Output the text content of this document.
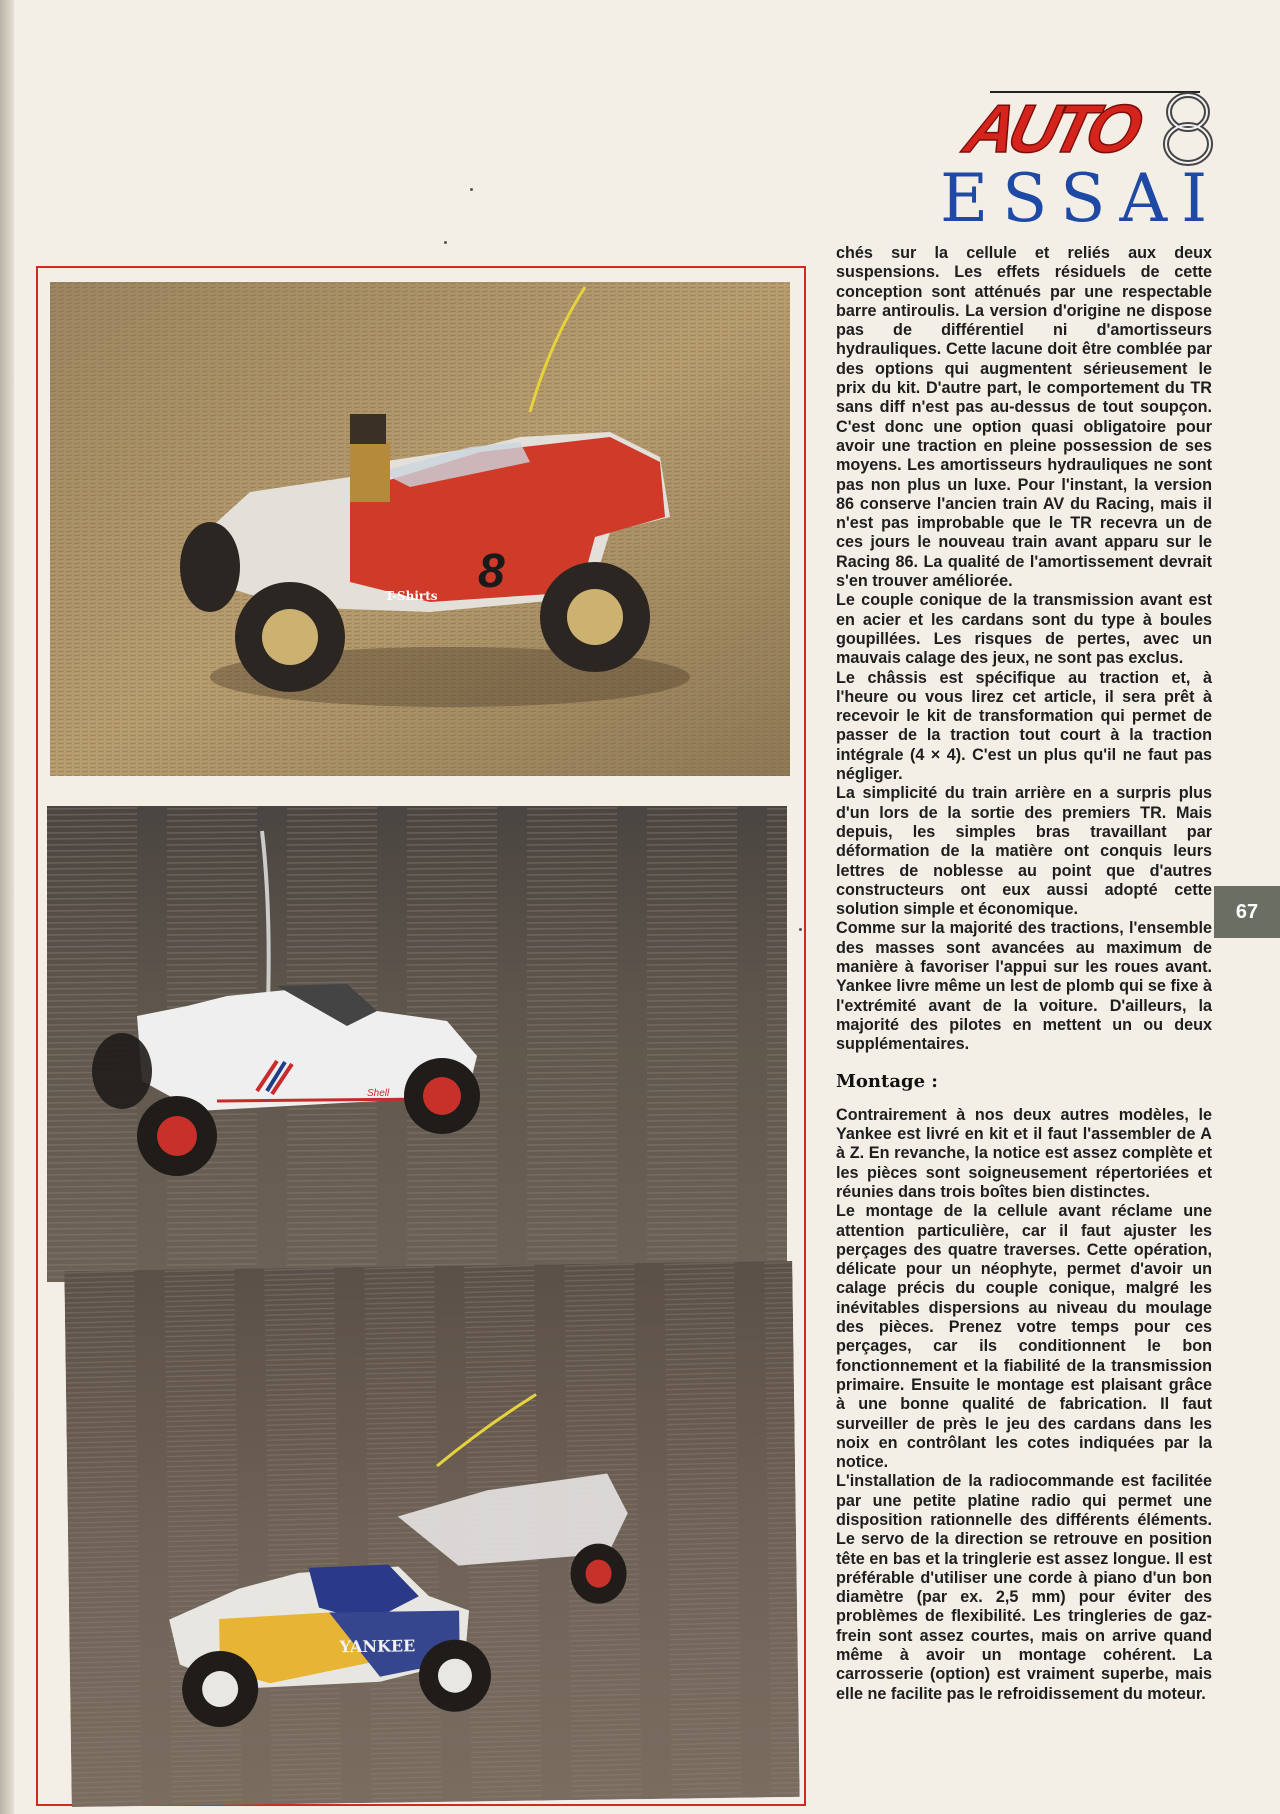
AUTO
AUTO8
ESSAI
8
T-Shirts
Shell
YANKEE

chés sur la cellule et reliés aux deux suspensions. Les effets résiduels de cette conception sont atténués par une respectable barre antiroulis. La version d'origine ne dispose pas de différentiel ni d'amortisseurs hydrauliques. Cette lacune doit être comblée par des options qui augmentent sérieusement le prix du kit. D'autre part, le comportement du TR sans diff n'est pas au-dessus de tout soupçon. C'est donc une option quasi obligatoire pour avoir une traction en pleine possession de ses moyens. Les amortisseurs hydrauliques ne sont pas non plus un luxe. Pour l'instant, la version 86 conserve l'ancien train AV du Racing, mais il n'est pas improbable que le TR recevra un de ces jours le nouveau train avant apparu sur le Racing 86. La qualité de l'amortissement devrait s'en trouver améliorée.

Le couple conique de la transmission avant est en acier et les cardans sont du type à boules goupillées. Les risques de pertes, avec un mauvais calage des jeux, ne sont pas exclus.

Le châssis est spécifique au traction et, à l'heure ou vous lirez cet article, il sera prêt à recevoir le kit de transformation qui permet de passer de la traction tout court à la traction intégrale (4 × 4). C'est un plus qu'il ne faut pas négliger.

La simplicité du train arrière en a surpris plus d'un lors de la sortie des premiers TR. Mais depuis, les simples bras travaillant par déformation de la matière ont conquis leurs lettres de noblesse au point que d'autres constructeurs ont eux aussi adopté cette solution simple et économique.

Comme sur la majorité des tractions, l'ensemble des masses sont avancées au maximum de manière à favoriser l'appui sur les roues avant. Yankee livre même un lest de plomb qui se fixe à l'extrémité avant de la voiture. D'ailleurs, la majorité des pilotes en mettent un ou deux supplémentaires.

Montage :

Contrairement à nos deux autres modèles, le Yankee est livré en kit et il faut l'assembler de A à Z. En revanche, la notice est assez complète et les pièces sont soigneusement répertoriées et réunies dans trois boîtes bien distinctes.

Le montage de la cellule avant réclame une attention particulière, car il faut ajuster les perçages des quatre traverses. Cette opération, délicate pour un néophyte, permet d'avoir un calage précis du couple conique, malgré les inévitables dispersions au niveau du moulage des pièces. Prenez votre temps pour ces perçages, car ils conditionnent le bon fonctionnement et la fiabilité de la transmission primaire. Ensuite le montage est plaisant grâce à une bonne qualité de fabrication. Il faut surveiller de près le jeu des cardans dans les noix en contrôlant les cotes indiquées par la notice.

L'installation de la radiocommande est facilitée par une petite platine radio qui permet une disposition rationnelle des différents éléments. Le servo de la direction se retrouve en position tête en bas et la tringlerie est assez longue. Il est préférable d'utiliser une corde à piano d'un bon diamètre (par ex. 2,5 mm) pour éviter des problèmes de flexibilité. Les tringleries de gaz-frein sont assez courtes, mais on arrive quand même à avoir un montage cohérent. La carrosserie (option) est vraiment superbe, mais elle ne facilite pas le refroidissement du moteur.

67
